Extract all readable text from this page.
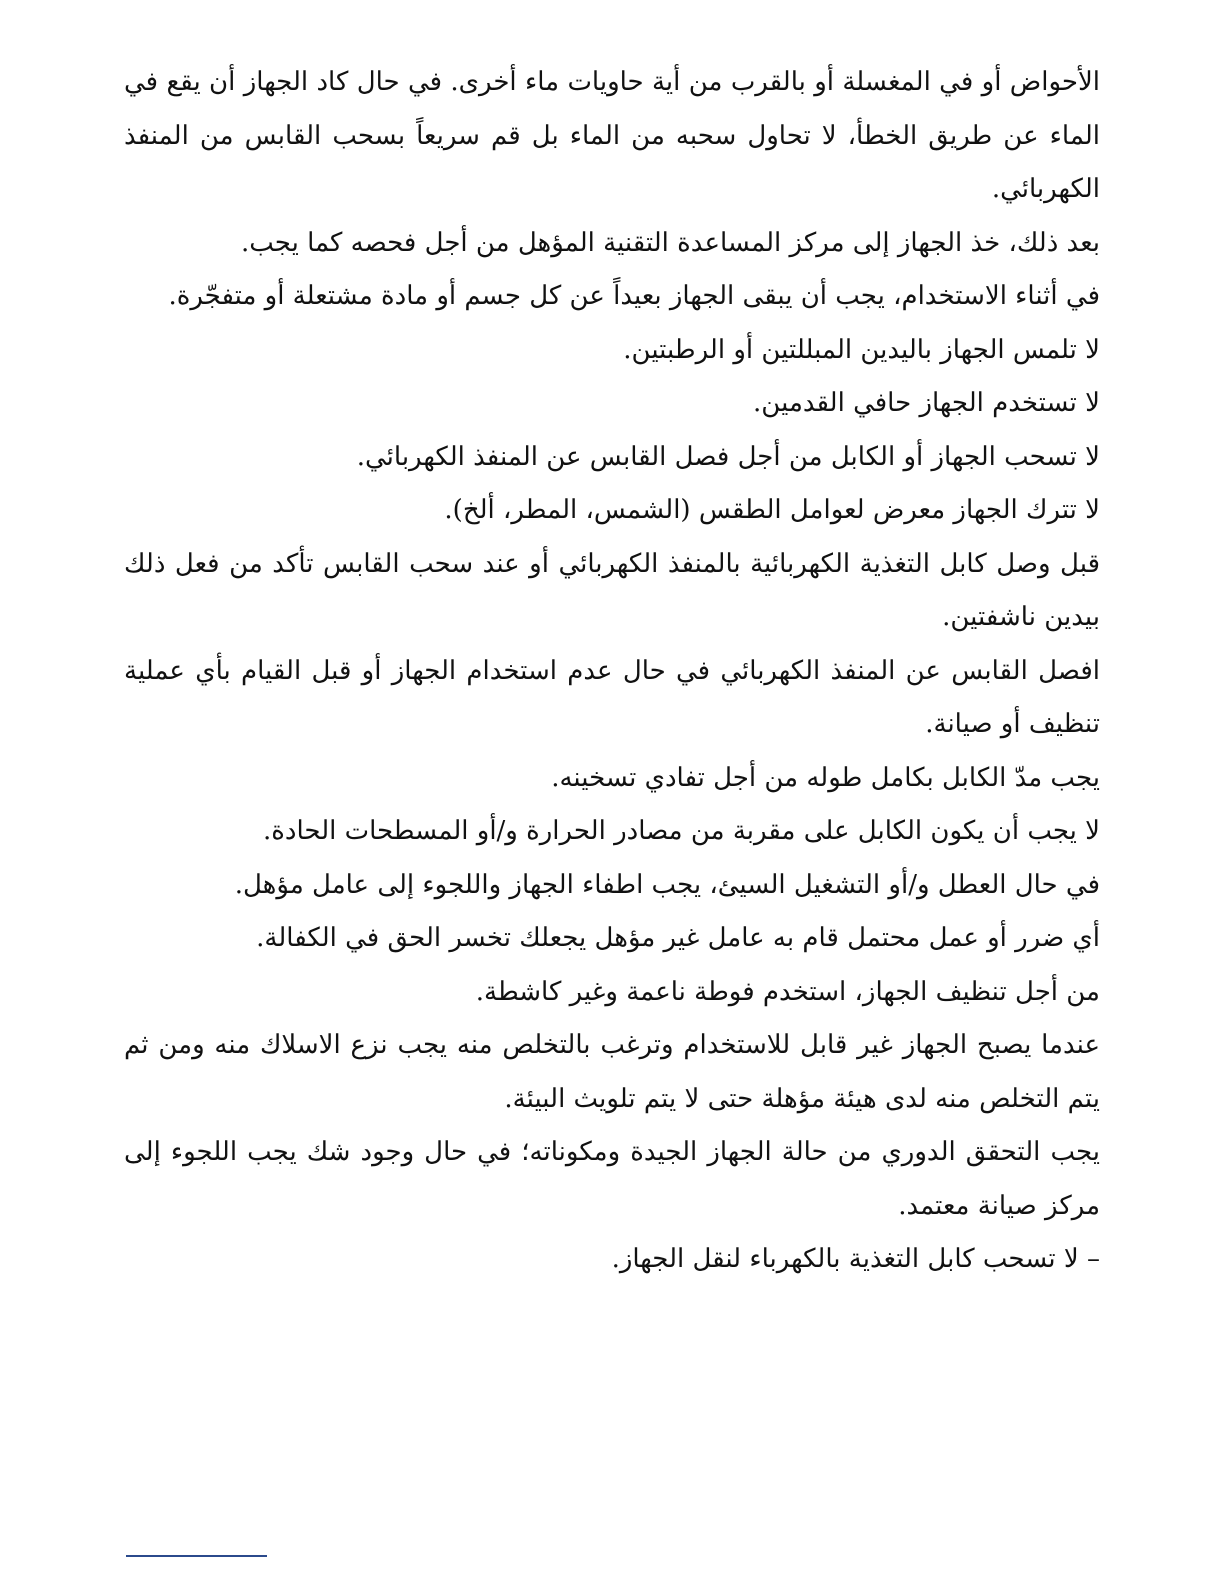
الأحواض أو في المغسلة أو بالقرب من أية حاويات ماء أخرى. في حال كاد الجهاز أن يقع في الماء عن طريق الخطأ، لا تحاول سحبه من الماء بل قم سريعاً بسحب القابس من المنفذ الكهربائي.

بعد ذلك، خذ الجهاز إلى مركز المساعدة التقنية المؤهل من أجل فحصه كما يجب.

في أثناء الاستخدام، يجب أن يبقى الجهاز بعيداً عن كل جسم أو مادة مشتعلة أو متفجّرة.

لا تلمس الجهاز باليدين المبللتين أو الرطبتين.

لا تستخدم الجهاز حافي القدمين.

لا تسحب الجهاز أو الكابل من أجل فصل القابس عن المنفذ الكهربائي.

لا تترك الجهاز معرض لعوامل الطقس (الشمس، المطر، ألخ).

قبل وصل كابل التغذية الكهربائية بالمنفذ الكهربائي أو عند سحب القابس تأكد من فعل ذلك بيدين ناشفتين.

افصل القابس عن المنفذ الكهربائي في حال عدم استخدام الجهاز أو قبل القيام بأي عملية تنظيف أو صيانة.

يجب مدّ الكابل بكامل طوله من أجل تفادي تسخينه.

لا يجب أن يكون الكابل على مقربة من مصادر الحرارة و/أو المسطحات الحادة.

في حال العطل و/أو التشغيل السيئ، يجب اطفاء الجهاز واللجوء إلى عامل مؤهل.

أي ضرر أو عمل محتمل قام به عامل غير مؤهل يجعلك تخسر الحق في الكفالة.

من أجل تنظيف الجهاز، استخدم فوطة ناعمة وغير كاشطة.

عندما يصبح الجهاز غير قابل للاستخدام وترغب بالتخلص منه يجب نزع الاسلاك منه ومن ثم يتم التخلص منه لدى هيئة مؤهلة حتى لا يتم تلويث البيئة.

يجب التحقق الدوري من حالة الجهاز الجيدة ومكوناته؛ في حال وجود شك يجب اللجوء إلى مركز صيانة معتمد.

– لا تسحب كابل التغذية بالكهرباء لنقل الجهاز.
